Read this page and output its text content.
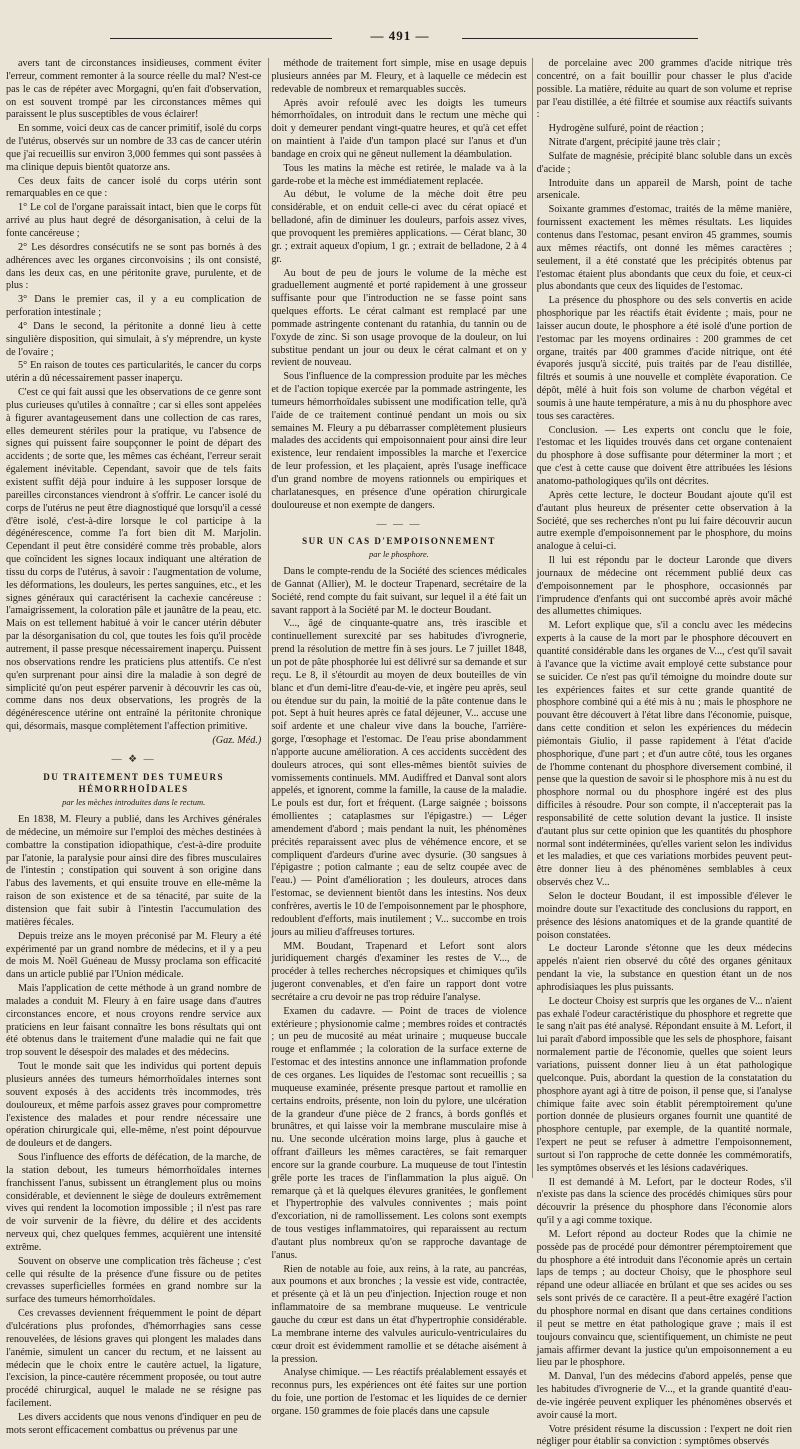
— 491 —

avers tant de circonstances insidieuses, comment éviter l'erreur, comment remonter à la source réelle du mal? N'est-ce pas le cas de répéter avec Morgagni, qu'en fait d'observation, on est souvent trompé par les circonstances mêmes qui paraissent le plus susceptibles de vous éclairer!

En somme, voici deux cas de cancer primitif, isolé du corps de l'utérus, observés sur un nombre de 33 cas de cancer utérin que j'ai recueillis sur environ 3,000 femmes qui sont passées à ma clinique depuis bientôt quatorze ans.

Ces deux faits de cancer isolé du corps utérin sont remarquables en ce que :

1° Le col de l'organe paraissait intact, bien que le corps fût arrivé au plus haut degré de désorganisation, à celui de la fonte cancéreuse ;

2° Les désordres consécutifs ne se sont pas bornés à des adhérences avec les organes circonvoisins ; ils ont consisté, dans les deux cas, en une péritonite grave, purulente, et de plus :

3° Dans le premier cas, il y a eu complication de perforation intestinale ;

4° Dans le second, la péritonite a donné lieu à cette singulière disposition, qui simulait, à s'y méprendre, un kyste de l'ovaire ;

5° En raison de toutes ces particularités, le cancer du corps utérin a dû nécessairement passer inaperçu.

C'est ce qui fait aussi que les observations de ce genre sont plus curieuses qu'utiles à connaître ; car si elles sont appelées à figurer avantageusement dans une collection de cas rares, elles demeurent stériles pour la pratique, vu l'absence de signes qui puissent faire soupçonner le point de départ des accidents ; de sorte que, les mêmes cas échéant, l'erreur serait également inévitable. Cependant, savoir que de tels faits existent suffit déjà pour induire à les supposer lorsque de pareilles circonstances viendront à s'offrir. Le cancer isolé du corps de l'utérus ne peut être diagnostiqué que lorsqu'il a cessé d'être isolé, c'est-à-dire lorsque le col participe à la dégénérescence, comme l'a fort bien dit M. Marjolin. Cependant il peut être considéré comme très probable, alors que coïncident les signes locaux indiquant une altération de tissu du corps de l'utérus, à savoir : l'augmentation de volume, les déformations, les douleurs, les pertes sanguines, etc., et les signes généraux qui caractérisent la cachexie cancéreuse : l'amaigrissement, la coloration pâle et jaunâtre de la peau, etc. Mais on est tellement habitué à voir le cancer utérin débuter par la désorganisation du col, que toutes les fois qu'il procède autrement, il passe presque nécessairement inaperçu. Puissent nos observations rendre les praticiens plus attentifs. Ce n'est qu'en surprenant pour ainsi dire la maladie à son degré de simplicité qu'on peut espérer parvenir à découvrir les cas où, comme dans nos deux observations, les progrès de la dégénérescence utérine ont entraîné la péritonite chronique qui, désormais, masque complètement l'affection primitive.

(Gaz. Méd.)

— ❖ —
DU TRAITEMENT DES TUMEURS HÉMORRHOÏDALES
par les mèches introduites dans le rectum.

En 1838, M. Fleury a publié, dans les Archives générales de médecine, un mémoire sur l'emploi des mèches destinées à combattre la constipation idiopathique, c'est-à-dire produite par l'atonie, la paralysie pour ainsi dire des fibres musculaires de l'intestin ; constipation qui souvent à son origine dans l'abus des lavements, et qui ensuite trouve en elle-même la raison de son existence et de sa ténacité, par suite de la distension que fait subir à l'intestin l'accumulation des matières fécales.

Depuis treize ans le moyen préconisé par M. Fleury a été expérimenté par un grand nombre de médecins, et il y a peu de mois M. Noël Guéneau de Mussy proclama son efficacité dans un article publié par l'Union médicale.

Mais l'application de cette méthode à un grand nombre de malades a conduit M. Fleury à en faire usage dans d'autres circonstances encore, et nous croyons rendre service aux praticiens en leur faisant connaître les bons résultats qui ont été obtenus dans le traitement d'une maladie qui ne fait que trop souvent le désespoir des malades et des médecins.

Tout le monde sait que les individus qui portent depuis plusieurs années des tumeurs hémorrhoïdales internes sont souvent exposés à des accidents très incommodes, très douloureux, et même parfois assez graves pour compromettre l'existence des malades et pour rendre nécessaire une opération chirurgicale qui, elle-même, n'est point dépourvue de douleurs et de dangers.

Sous l'influence des efforts de défécation, de la marche, de la station debout, les tumeurs hémorrhoïdales internes franchissent l'anus, subissent un étranglement plus ou moins considérable, et deviennent le siège de douleurs extrêmement vives qui rendent la locomotion impossible ; il n'est pas rare de voir survenir de la fièvre, du délire et des accidents nerveux qui, chez quelques femmes, acquièrent une intensité extrême.

Souvent on observe une complication très fâcheuse ; c'est celle qui résulte de la présence d'une fissure ou de petites crevasses superficielles formées en grand nombre sur la surface des tumeurs hémorrhoïdales.

Ces crevasses deviennent fréquemment le point de départ d'ulcérations plus profondes, d'hémorrhagies sans cesse renouvelées, de lésions graves qui plongent les malades dans l'anémie, simulent un cancer du rectum, et ne laissent au médecin que le choix entre le cautère actuel, la ligature, l'excision, la pince-cautère récemment proposée, ou tout autre procédé chirurgical, auquel le malade ne se résigne pas facilement.

Les divers accidents que nous venons d'indiquer en peu de mots seront efficacement combattus ou prévenus par une

méthode de traitement fort simple, mise en usage depuis plusieurs années par M. Fleury, et à laquelle ce médecin est redevable de nombreux et remarquables succès.

Après avoir refoulé avec les doigts les tumeurs hémorrhoïdales, on introduit dans le rectum une mèche qui doit y demeurer pendant vingt-quatre heures, et qu'à cet effet on maintient à l'aide d'un tampon placé sur l'anus et d'un bandage en croix qui ne gêneut nullement la déambulation.

Tous les matins la mèche est retirée, le malade va à la garde-robe et la mèche est immédiatement replacée.

Au début, le volume de la mèche doit être peu considérable, et on enduit celle-ci avec du cérat opiacé et belladoné, afin de diminuer les douleurs, parfois assez vives, que provoquent les premières applications. — Cérat blanc, 30 gr. ; extrait aqueux d'opium, 1 gr. ; extrait de belladone, 2 à 4 gr.

Au bout de peu de jours le volume de la mèche est graduellement augmenté et porté rapidement à une grosseur suffisante pour que l'introduction ne se fasse point sans quelques efforts. Le cérat calmant est remplacé par une pommade astringente contenant du ratanhia, du tannin ou de l'oxyde de zinc. Si son usage provoque de la douleur, on lui substitue pendant un jour ou deux le cérat calmant et on y revient de nouveau.

Sous l'influence de la compression produite par les mèches et de l'action topique exercée par la pommade astringente, les tumeurs hémorrhoïdales subissent une modification telle, qu'à l'aide de ce traitement continué pendant un mois ou six semaines M. Fleury a pu débarrasser complètement plusieurs malades des accidents qui empoisonnaient pour ainsi dire leur existence, leur rendaient impossibles la marche et l'exercice de leur profession, et les plaçaient, après l'usage inefficace d'un grand nombre de moyens rationnels ou empiriques et charlatanesques, en présence d'une opération chirurgicale douloureuse et non exempte de dangers.

— — —
SUR UN CAS D'EMPOISONNEMENT
par le phosphore.

Dans le compte-rendu de la Société des sciences médicales de Gannat (Allier), M. le docteur Trapenard, secrétaire de la Société, rend compte du fait suivant, sur lequel il a été fait un savant rapport à la Société par M. le docteur Boudant.

V..., âgé de cinquante-quatre ans, très irascible et continuellement surexcité par ses habitudes d'ivrognerie, prend la résolution de mettre fin à ses jours. Le 7 juillet 1848, un pot de pâte phosphorée lui est délivré sur sa demande et sur reçu. Le 8, il s'étourdit au moyen de deux bouteilles de vin blanc et d'un demi-litre d'eau-de-vie, et ingère peu après, seul ou étendue sur du pain, la moitié de la pâte contenue dans le pot. Sept à huit heures après ce fatal déjeuner, V... accuse une soif ardente et une chaleur vive dans la bouche, l'arrière-gorge, l'œsophage et l'estomac. De l'eau prise abondamment n'apporte aucune amélioration. A ces accidents succèdent des douleurs atroces, qui sont elles-mêmes bientôt suivies de vomissements continuels. MM. Audiffred et Danval sont alors appelés, et ignorent, comme la famille, la cause de la maladie. Le pouls est dur, fort et fréquent. (Large saignée ; boissons émollientes ; cataplasmes sur l'épigastre.) — Léger amendement d'abord ; mais pendant la nuit, les phénomènes précités reparaissent avec plus de véhémence encore, et se compliquent d'ardeurs d'urine avec dysurie. (30 sangsues à l'épigastre ; potion calmante ; eau de seltz coupée avec de l'eau.) — Point d'amélioration ; les douleurs, atroces dans l'estomac, se deviennent bientôt dans les intestins. Nos deux confrères, avertis le 10 de l'empoisonnement par le phosphore, redoublent d'efforts, mais inutilement ; V... succombe en trois jours au milieu d'affreuses tortures.

MM. Boudant, Trapenard et Lefort sont alors juridiquement chargés d'examiner les restes de V..., de procéder à telles recherches nécropsiques et chimiques qu'ils jugeront convenables, et d'en faire un rapport dont votre secrétaire a cru devoir ne pas trop réduire l'analyse.

Examen du cadavre. — Point de traces de violence extérieure ; physionomie calme ; membres roides et contractés ; un peu de mucosité au méat urinaire ; muqueuse buccale rouge et enflammée ; la coloration de la surface externe de l'estomac et des intestins annonce une inflammation profonde de ces organes. Les liquides de l'estomac sont recueillis ; sa muqueuse examinée, présente presque partout et ramollie en certains endroits, présente, non loin du pylore, une ulcération de la grandeur d'une pièce de 2 francs, à bords gonflés et brunâtres, et qui laisse voir la membrane musculaire mise à nu. Une seconde ulcération moins large, plus à gauche et offrant d'ailleurs les mêmes caractères, se fait remarquer encore sur la grande courbure. La muqueuse de tout l'intestin grêle porte les traces de l'inflammation la plus aiguë. On remarque çà et là quelques élevures granitées, le gonflement et l'hypertrophie des valvules conniventes ; mais point d'excoriation, ni de ramollissement. Les colons sont exempts de tous vestiges inflammatoires, qui reparaissent au rectum d'autant plus nombreux qu'on se rapproche davantage de l'anus.

Rien de notable au foie, aux reins, à la rate, au pancréas, aux poumons et aux bronches ; la vessie est vide, contractée, et présente çà et là un peu d'injection. Injection rouge et non inflammatoire de sa membrane muqueuse. Le ventricule gauche du cœur est dans un état d'hypertrophie considérable. La membrane interne des valvules auriculo-ventriculaires du cœur droit est évidemment ramollie et se détache aisément à la pression.

Analyse chimique. — Les réactifs préalablement essayés et reconnus purs, les expériences ont été faites sur une portion du foie, une portion de l'estomac et les liquides de ce dernier organe. 150 grammes de foie placés dans une capsule

de porcelaine avec 200 grammes d'acide nitrique très concentré, on a fait bouillir pour chasser le plus d'acide possible. La matière, réduite au quart de son volume et reprise par l'eau distillée, a été filtrée et soumise aux réactifs suivants :

Hydrogène sulfuré, point de réaction ;

Nitrate d'argent, précipité jaune très clair ;

Sulfate de magnésie, précipité blanc soluble dans un excès d'acide ;

Introduite dans un appareil de Marsh, point de tache arsenicale.

Soixante grammes d'estomac, traités de la même manière, fournissent exactement les mêmes résultats. Les liquides contenus dans l'estomac, pesant environ 45 grammes, soumis aux mêmes réactifs, ont donné les mêmes caractères ; seulement, il a été constaté que les précipités obtenus par l'estomac étaient plus abondants que ceux du foie, et ceux-ci plus abondants que ceux des liquides de l'estomac.

La présence du phosphore ou des sels convertis en acide phosphorique par les réactifs était évidente ; mais, pour ne laisser aucun doute, le phosphore a été isolé d'une portion de l'estomac par les moyens ordinaires : 200 grammes de cet organe, traités par 400 grammes d'acide nitrique, ont été évaporés jusqu'à siccité, puis traités par de l'eau distillée, filtrés et soumis à une nouvelle et complète évaporation. Ce dépôt, mêlé à huit fois son volume de charbon végétal et soumis à une haute température, a mis à nu du phosphore avec tous ses caractères.

Conclusion. — Les experts ont conclu que le foie, l'estomac et les liquides trouvés dans cet organe contenaient du phosphore à dose suffisante pour déterminer la mort ; et que c'est à cette cause que doivent être attribuées les lésions anatomo-pathologiques qu'ils ont décrites.

Après cette lecture, le docteur Boudant ajoute qu'il est d'autant plus heureux de présenter cette observation à la Société, que ses recherches n'ont pu lui faire découvrir aucun autre exemple d'empoisonnement par le phosphore, du moins analogue à celui-ci.

Il lui est répondu par le docteur Laronde que divers journaux de médecine ont récemment publié deux cas d'empoisonnement par le phosphore, occasionnés par l'imprudence d'enfants qui ont succombé après avoir mâché des allumettes chimiques.

M. Lefort explique que, s'il a conclu avec les médecins experts à la cause de la mort par le phosphore découvert en quantité considérable dans les organes de V..., c'est qu'il savait à l'avance que la victime avait employé cette substance pour se suicider. Ce n'est pas qu'il témoigne du moindre doute sur les expériences faites et sur cette grande quantité de phosphore combiné qui a été mis à nu ; mais le phosphore ne pouvant être découvert à l'état libre dans l'économie, puisque, dans cette condition et selon les expériences du médecin piémontais Giulio, il passe rapidement à l'état d'acide phosphorique, d'une part ; et d'un autre côté, tous les organes de l'homme contenant du phosphore diversement combiné, il pense que la question de savoir si le phosphore mis à nu est du phosphore normal ou du phosphore ingéré est des plus difficiles à résoudre. Pour son compte, il n'accepterait pas la responsabilité de cette solution devant la justice. Il insiste d'autant plus sur cette opinion que les quantités du phosphore normal sont indéterminées, qu'elles varient selon les individus et les maladies, et que ces variations morbides peuvent peut-être donner lieu à des phénomènes semblables à ceux observés chez V...

Selon le docteur Boudant, il est impossible d'élever le moindre doute sur l'exactitude des conclusions du rapport, en présence des lésions anatomiques et de la grande quantité de poison constatées.

Le docteur Laronde s'étonne que les deux médecins appelés n'aient rien observé du côté des organes génitaux pendant la vie, la substance en question étant un de nos aphrodisiaques les plus puissants.

Le docteur Choisy est surpris que les organes de V... n'aient pas exhalé l'odeur caractéristique du phosphore et regrette que le sang n'ait pas été analysé. Répondant ensuite à M. Lefort, il lui paraît d'abord impossible que les sels de phosphore, faisant normalement partie de l'économie, quelles que soient leurs variations, puissent donner lieu à un état pathologique quelconque. Puis, abordant la question de la constatation du phosphore ayant agi à titre de poison, il pense que, si l'analyse chimique faite avec soin établit péremptoirement qu'une portion donnée de plusieurs organes fournit une quantité de phosphore centuple, par exemple, de la quantité normale, l'expert ne peut se refuser à admettre l'empoisonnement, surtout si l'on rapproche de cette donnée les commémoratifs, les symptômes observés et les lésions cadavériques.

Il est demandé à M. Lefort, par le docteur Rodes, s'il n'existe pas dans la science des procédés chimiques sûrs pour découvrir la présence du phosphore dans l'économie alors qu'il y a agi comme toxique.

M. Lefort répond au docteur Rodes que la chimie ne possède pas de procédé pour démontrer péremptoirement que du phosphore a été introduit dans l'économie après un certain laps de temps ; au docteur Choisy, que le phosphore seul répand une odeur alliacée en brûlant et que ses acides ou ses sels sont privés de ce caractère. Il a peut-être exagéré l'action du phosphore normal en disant que dans certaines conditions il peut se mettre en état pathologique grave ; mais il est toujours convaincu que, scientifiquement, un chimiste ne peut jamais affirmer devant la justice qu'un empoisonnement a eu lieu par le phosphore.

M. Danval, l'un des médecins d'abord appelés, pense que les habitudes d'ivrognerie de V..., et la grande quantité d'eau-de-vie ingérée peuvent expliquer les phénomènes observés et avoir causé la mort.

Votre président résume la discussion : l'expert ne doit rien négliger pour établir sa conviction : symptômes observés
